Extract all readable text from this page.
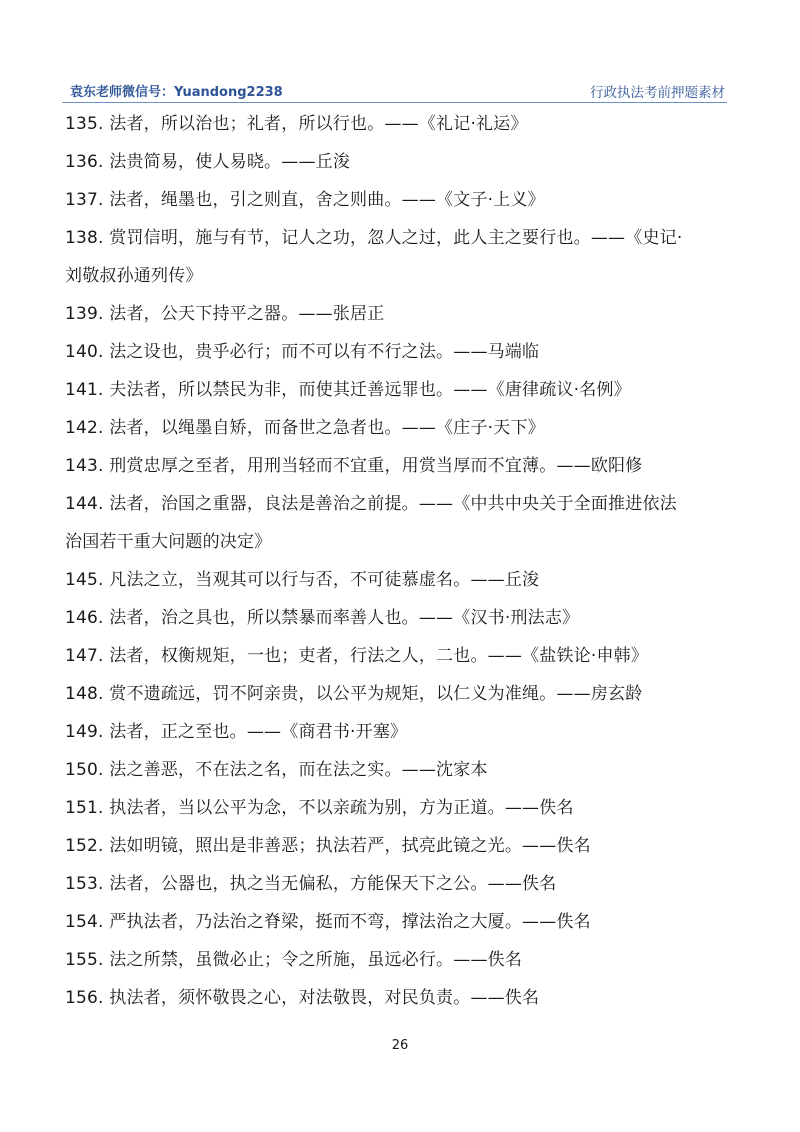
袁东老师微信号：Yuandong2238	行政执法考前押题素材
135. 法者，所以治也；礼者，所以行也。——《礼记·礼运》
136. 法贵简易，使人易晓。——丘浚
137. 法者，绳墨也，引之则直，舍之则曲。——《文子·上义》
138. 赏罚信明，施与有节，记人之功，忽人之过，此人主之要行也。——《史记·
刘敬叔孙通列传》
139. 法者，公天下持平之器。——张居正
140. 法之设也，贵乎必行；而不可以有不行之法。——马端临
141. 夫法者，所以禁民为非，而使其迁善远罪也。——《唐律疏议·名例》
142. 法者，以绳墨自矫，而备世之急者也。——《庄子·天下》
143. 刑赏忠厚之至者，用刑当轻而不宜重，用赏当厚而不宜薄。——欧阳修
144. 法者，治国之重器，良法是善治之前提。——《中共中央关于全面推进依法
治国若干重大问题的决定》
145. 凡法之立，当观其可以行与否，不可徒慕虚名。——丘浚
146. 法者，治之具也，所以禁暴而率善人也。——《汉书·刑法志》
147. 法者，权衡规矩，一也；吏者，行法之人，二也。——《盐铁论·申韩》
148. 赏不遗疏远，罚不阿亲贵，以公平为规矩，以仁义为准绳。——房玄龄
149. 法者，正之至也。——《商君书·开塞》
150. 法之善恶，不在法之名，而在法之实。——沈家本
151. 执法者，当以公平为念，不以亲疏为别，方为正道。——佚名
152. 法如明镜，照出是非善恶；执法若严，拭亮此镜之光。——佚名
153. 法者，公器也，执之当无偏私，方能保天下之公。——佚名
154. 严执法者，乃法治之脊梁，挺而不弯，撑法治之大厦。——佚名
155. 法之所禁，虽微必止；令之所施，虽远必行。——佚名
156. 执法者，须怀敬畏之心，对法敬畏，对民负责。——佚名
26
